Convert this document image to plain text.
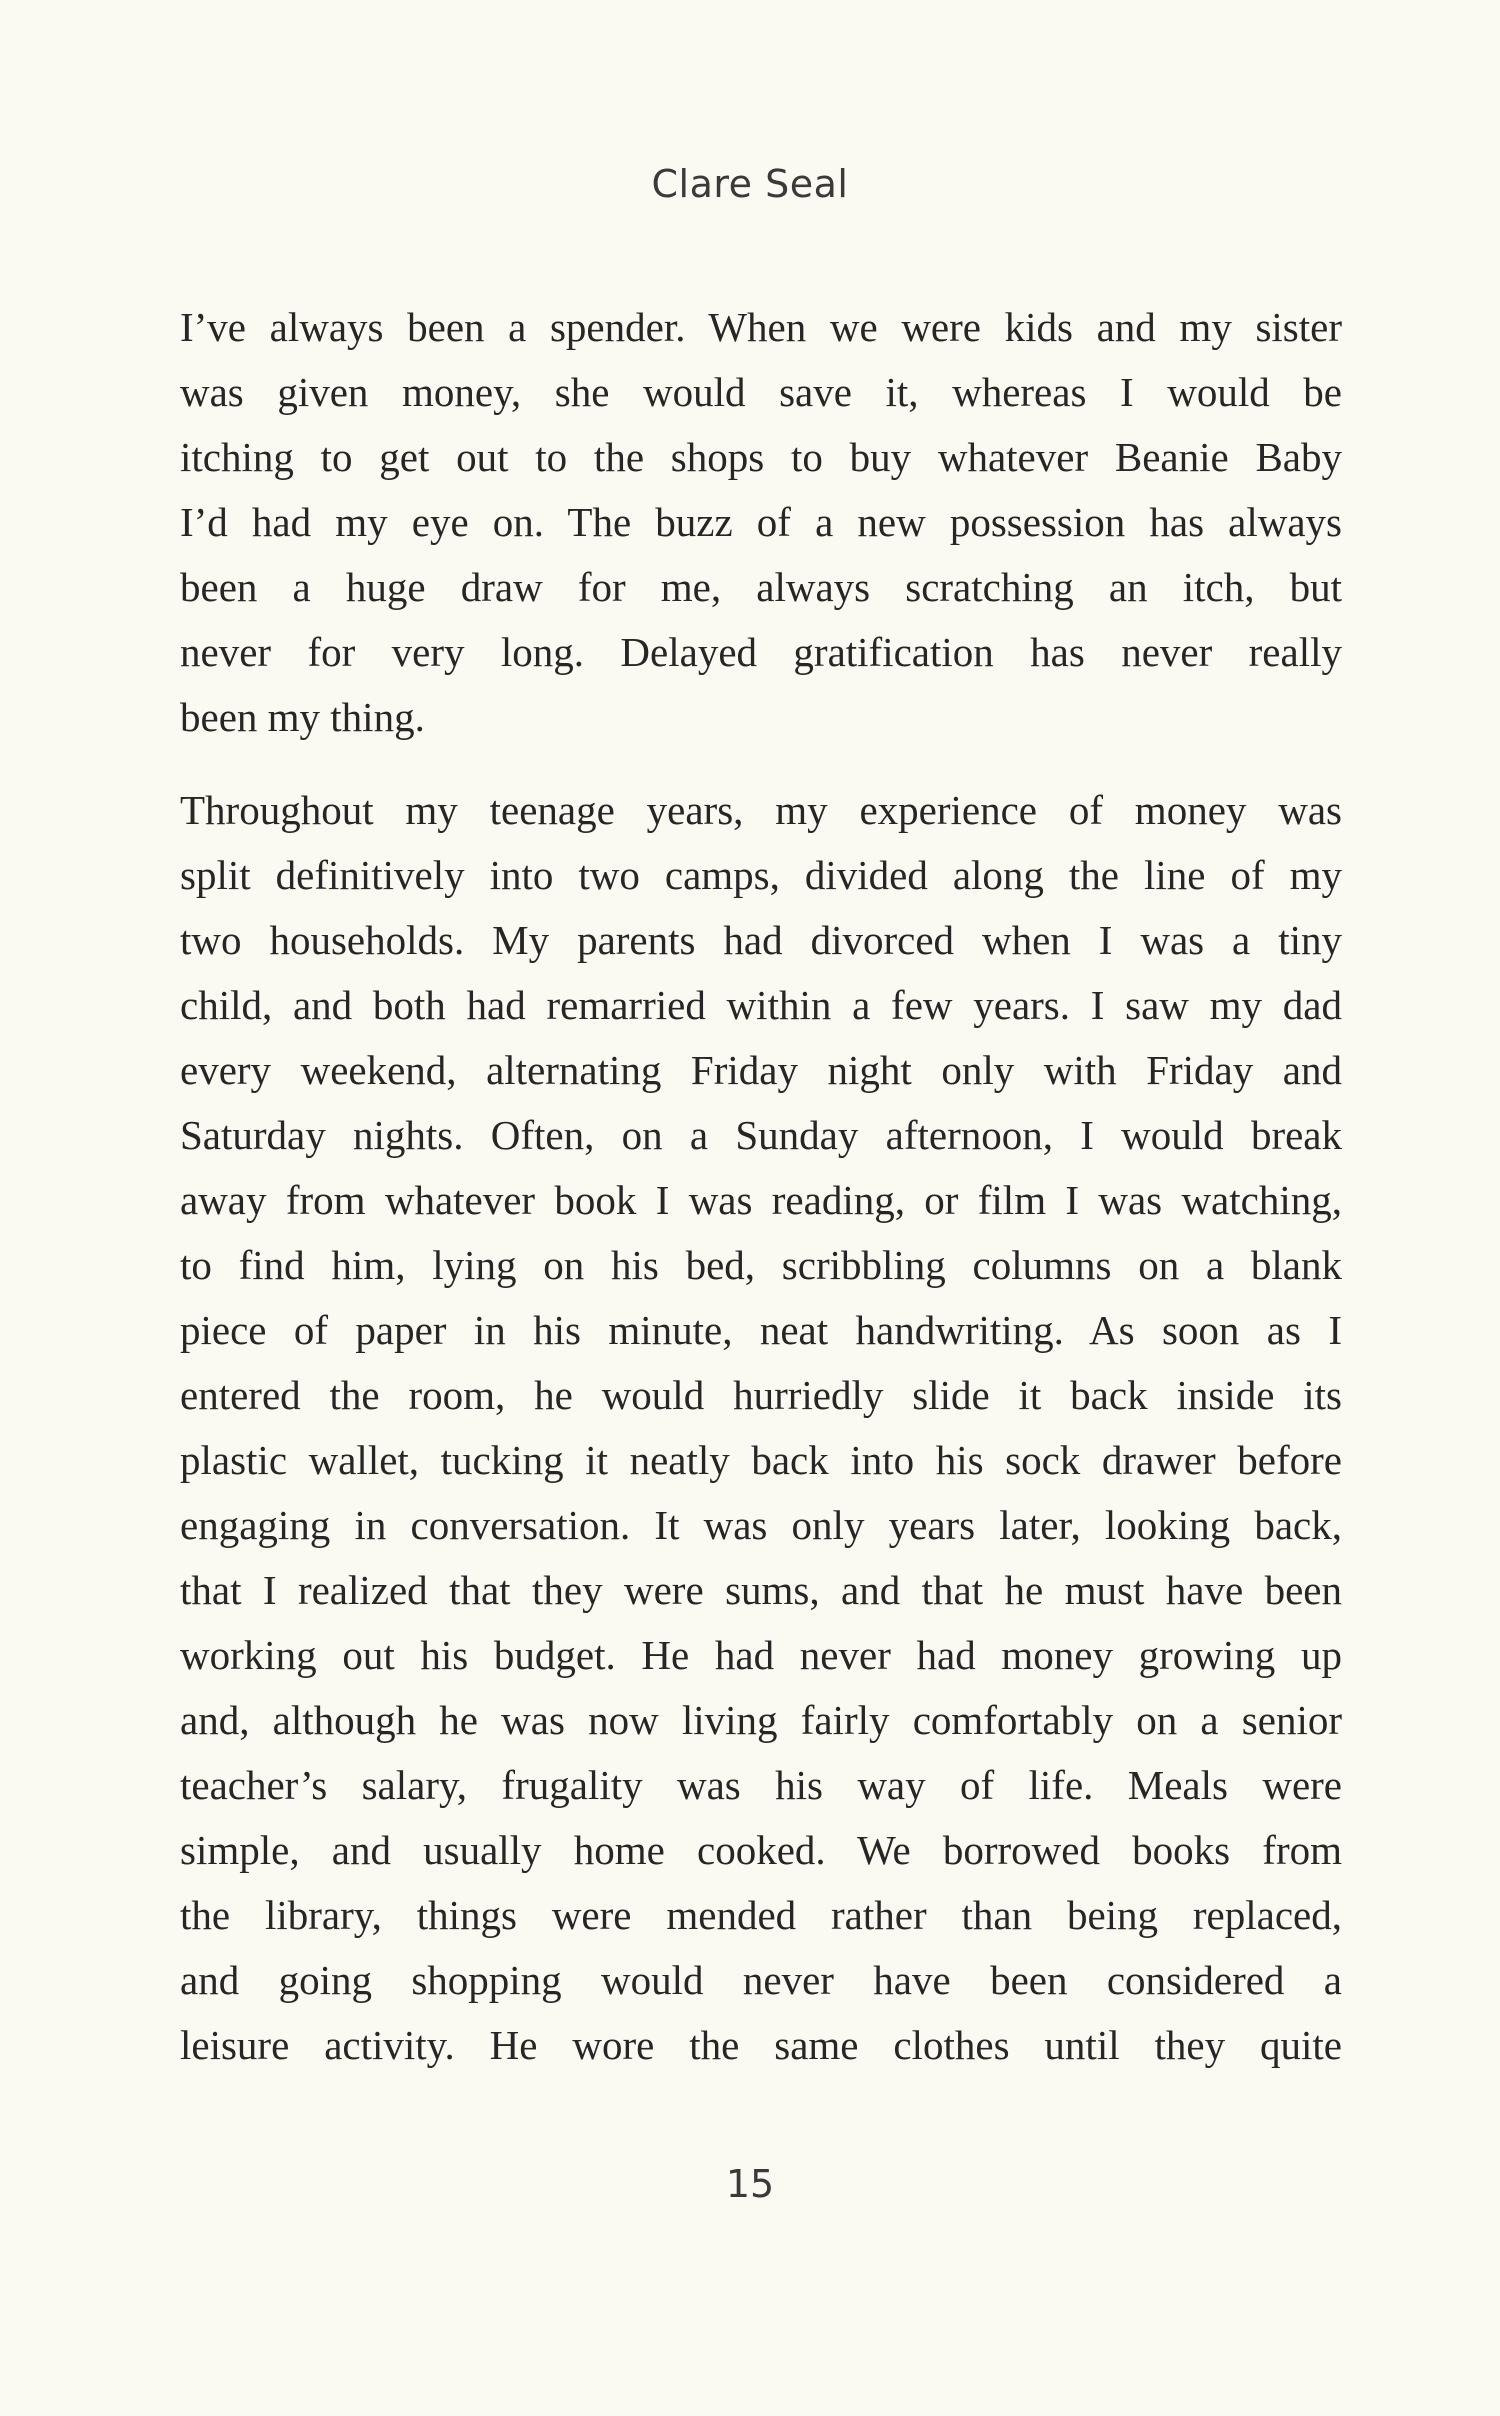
Clare Seal
I’ve always been a spender. When we were kids and my sister
was given money, she would save it, whereas I would be
itching to get out to the shops to buy whatever Beanie Baby
I’d had my eye on. The buzz of a new possession has always
been a huge draw for me, always scratching an itch, but
never for very long. Delayed gratification has never really
been my thing.
Throughout my teenage years, my experience of money was
split definitively into two camps, divided along the line of my
two households. My parents had divorced when I was a tiny
child, and both had remarried within a few years. I saw my dad
every weekend, alternating Friday night only with Friday and
Saturday nights. Often, on a Sunday afternoon, I would break
away from whatever book I was reading, or film I was watching,
to find him, lying on his bed, scribbling columns on a blank
piece of paper in his minute, neat handwriting. As soon as I
entered the room, he would hurriedly slide it back inside its
plastic wallet, tucking it neatly back into his sock drawer before
engaging in conversation. It was only years later, looking back,
that I realized that they were sums, and that he must have been
working out his budget. He had never had money growing up
and, although he was now living fairly comfortably on a senior
teacher’s salary, frugality was his way of life. Meals were
simple, and usually home cooked. We borrowed books from
the library, things were mended rather than being replaced,
and going shopping would never have been considered a
leisure activity. He wore the same clothes until they quite
15
